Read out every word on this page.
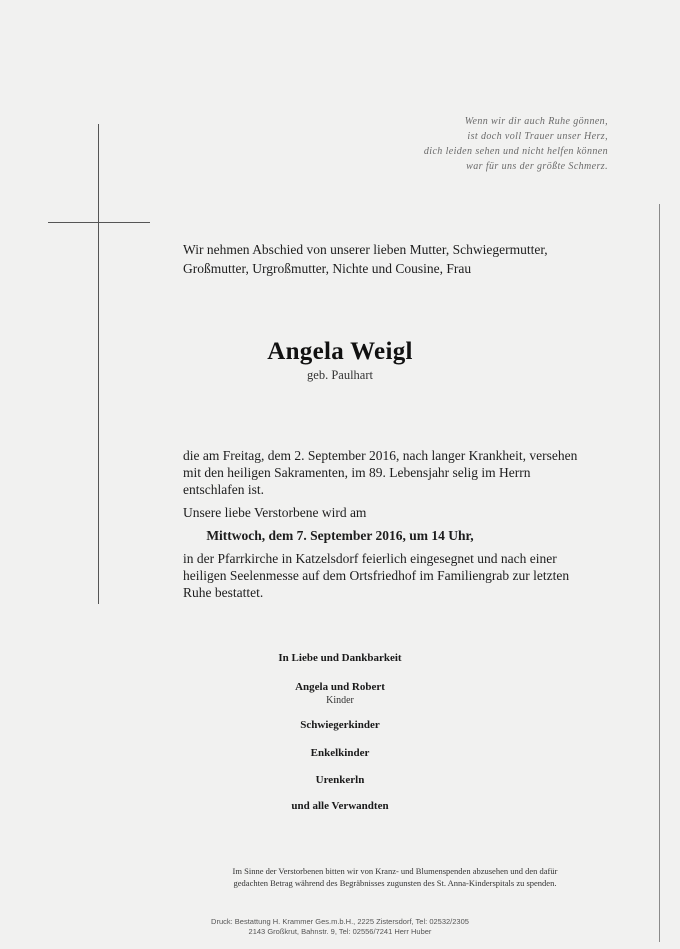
Wenn wir dir auch Ruhe gönnen,
ist doch voll Trauer unser Herz,
dich leiden sehen und nicht helfen können
war für uns der größte Schmerz.
Wir nehmen Abschied von unserer lieben Mutter, Schwiegermutter,
Großmutter, Urgroßmutter, Nichte und Cousine, Frau
Angela Weigl
geb. Paulhart
die am Freitag, dem 2. September 2016, nach langer Krankheit, versehen
mit den heiligen Sakramenten, im 89. Lebensjahr selig im Herrn
entschlafen ist.
Unsere liebe Verstorbene wird am
Mittwoch, dem 7. September 2016, um 14 Uhr,
in der Pfarrkirche in Katzelsdorf feierlich eingesegnet und nach einer
heiligen Seelenmesse auf dem Ortsfriedhof im Familiengrab zur letzten
Ruhe bestattet.
In Liebe und Dankbarkeit
Angela und Robert
Kinder
Schwiegerkinder
Enkelkinder
Urenkerln
und alle Verwandten
Im Sinne der Verstorbenen bitten wir von Kranz- und Blumenspenden abzusehen und den dafür
gedachten Betrag während des Begräbnisses zugunsten des St. Anna-Kinderspitals zu spenden.
Druck: Bestattung H. Krammer Ges.m.b.H., 2225 Zistersdorf, Tel: 02532/2305
2143 Großkrut, Bahnstr. 9, Tel: 02556/7241 Herr Huber
